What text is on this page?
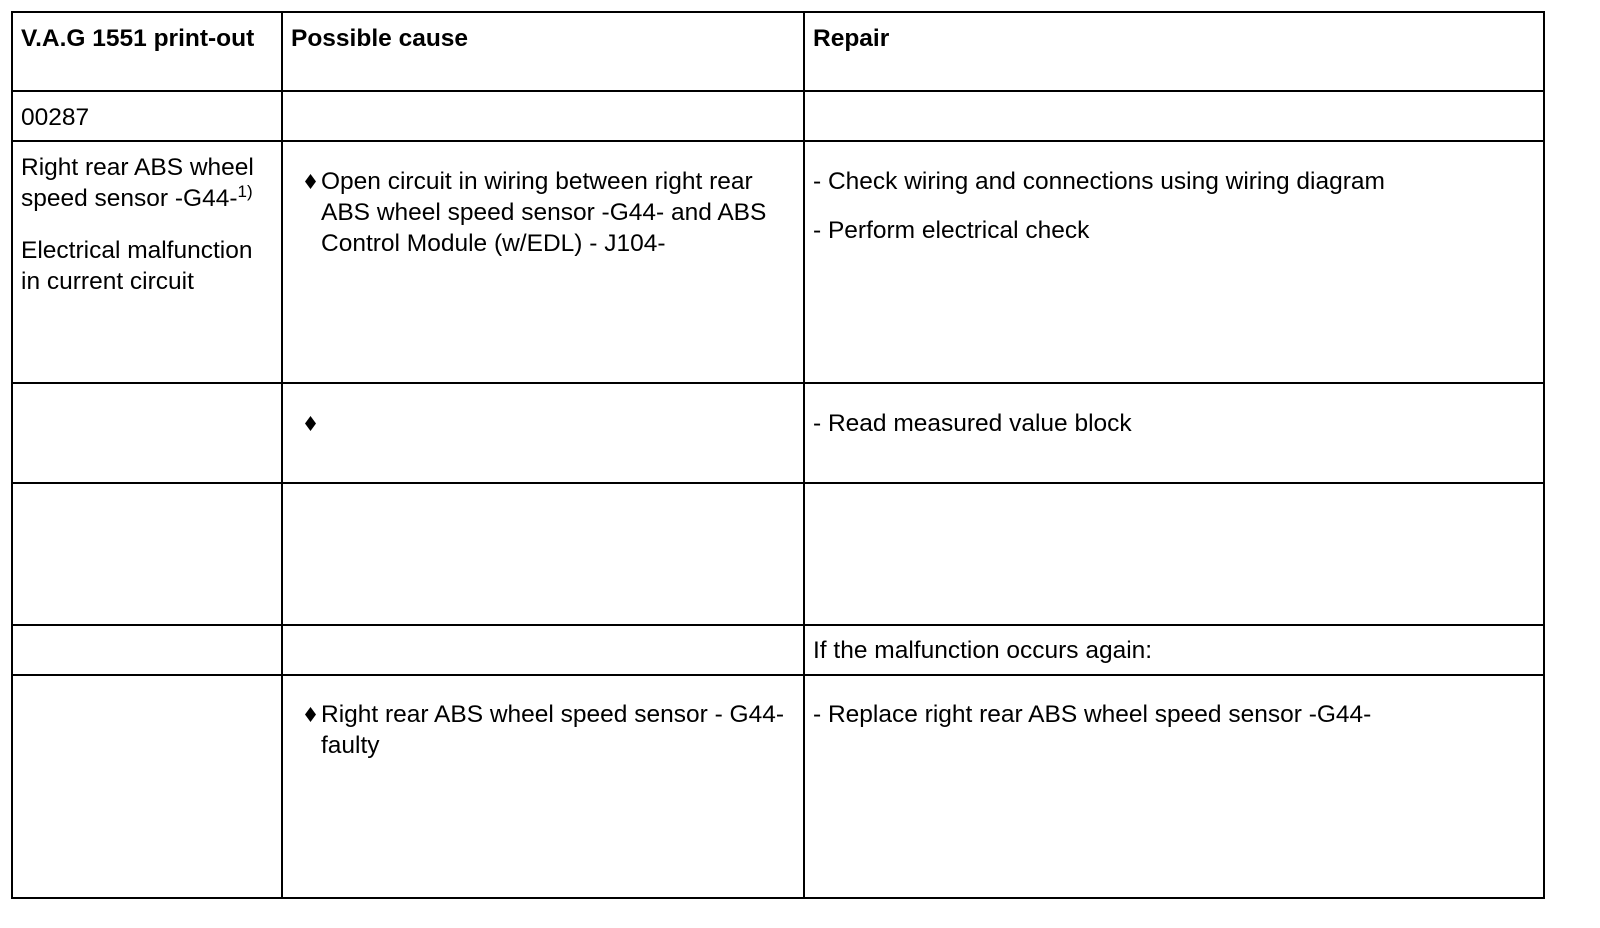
V.A.G 1551 print-out	Possible cause	Repair
00287
Right rear ABS wheel speed sensor -G44-$^{1)}$
Electrical malfunction in current circuit
Open circuit in wiring between right rear ABS wheel speed sensor -G44- and ABS Control Module (w/EDL) - J104-
- Check wiring and connections using wiring diagram
- Perform electrical check

- Read measured value block
If the malfunction occurs again:
Right rear ABS wheel speed sensor - G44- faulty
- Replace right rear ABS wheel speed sensor -G44-
